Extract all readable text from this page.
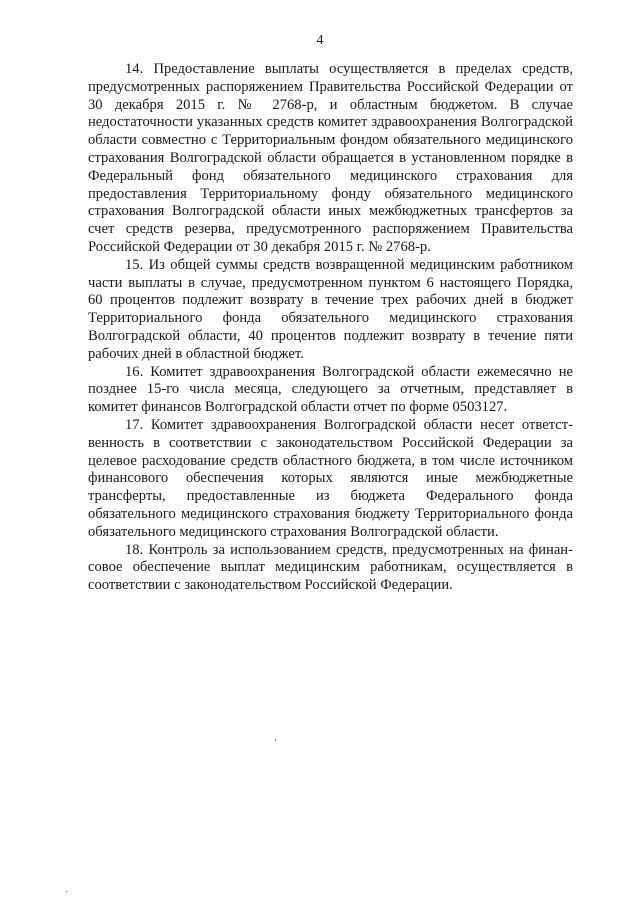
4

14. Предоставление выплаты осуществляется в пределах средств, предусмотренных распоряжением Правительства Российской Федерации от 30 декабря 2015 г. № 2768-р, и областным бюджетом. В случае недостаточности указанных средств комитет здравоохранения Волгоградской области совместно с Территориальным фондом обязательного медицинского страхования Волгоградской области обращается в установленном порядке в Федеральный фонд обязательного медицинского страхования для предоставления Территориальному фонду обязательного медицинского страхования Волгоградской области иных межбюджетных трансфертов за счет средств резерва, предусмотренного распоряжением Правительства Российской Федерации от 30 декабря 2015 г. № 2768-р.

15. Из общей суммы средств возвращенной медицинским работником части выплаты в случае, предусмотренном пунктом 6 настоящего Порядка, 60 процентов подлежит возврату в течение трех рабочих дней в бюджет Территориального фонда обязательного медицинского страхования Волгоградской области, 40 процентов подлежит возврату в течение пяти рабочих дней в областной бюджет.

16. Комитет здравоохранения Волгоградской области ежемесячно не позднее 15-го числа месяца, следующего за отчетным, представляет в комитет финансов Волгоградской области отчет по форме 0503127.

17. Комитет здравоохранения Волгоградской области несет ответственность в соответствии с законодательством Российской Федерации за целевое расходование средств областного бюджета, в том числе источником финансового обеспечения которых являются иные межбюджетные трансферты, предоставленные из бюджета Федерального фонда обязательного медицинского страхования бюджету Территориального фонда обязательного медицинского страхования Волгоградской области.

18. Контроль за использованием средств, предусмотренных на финансовое обеспечение выплат медицинским работникам, осуществляется в соответствии с законодательством Российской Федерации.
